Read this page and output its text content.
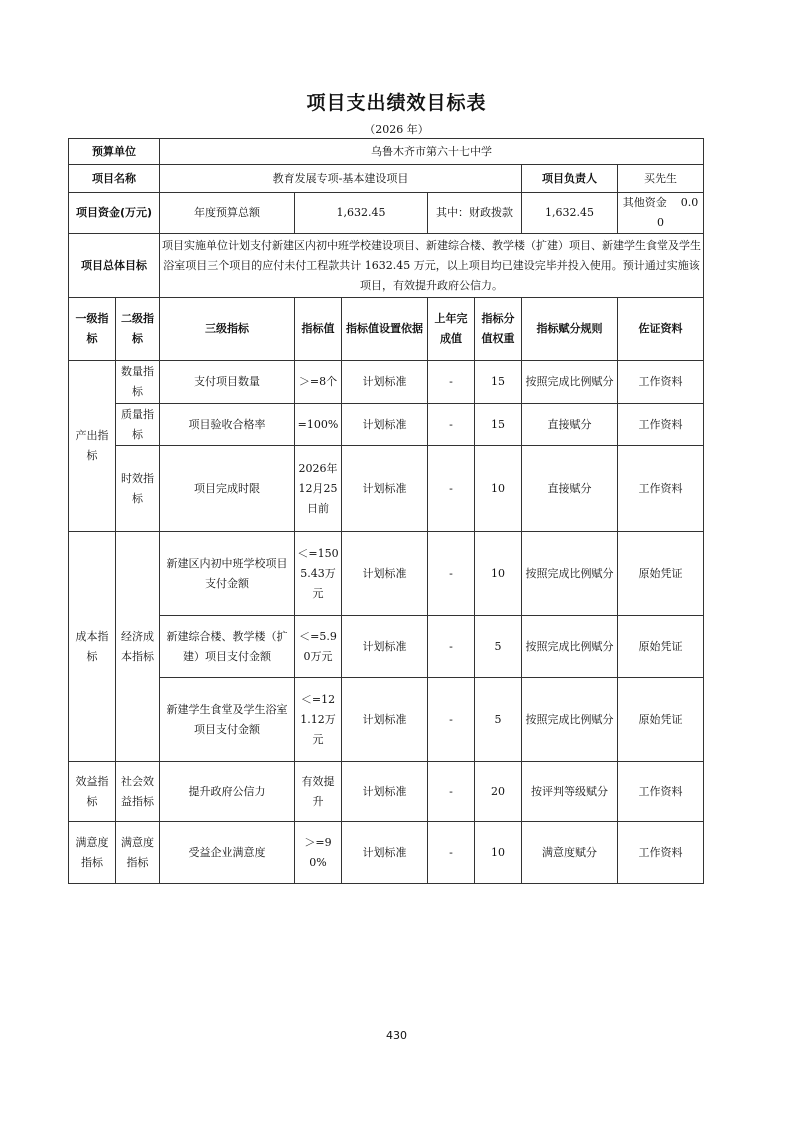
项目支出绩效目标表
（2026 年）
预算单位		乌鲁木齐市第六十七中学						
项目名称		教育发展专项-基本建设项目					项目负责人	买先生
项目资金(万元)		年度预算总额	1,632.45		其中：财政拨款		1,632.45	其他资金 0.00
项目总体目标		项目实施单位计划支付新建区内初中班学校建设项目、新建综合楼、教学楼（扩建）项目、新建学生食堂及学生浴室项目三个项目的应付未付工程款共计 1632.45 万元，以上项目均已建设完毕并投入使用。预计通过实施该项目，有效提升政府公信力。						
一级指标	二级指标	三级指标	指标值	指标值设置依据	上年完成值	指标分值权重	指标赋分规则	佐证资料
产出指标	数量指标	支付项目数量	＞=8个	计划标准	-	15	按照完成比例赋分	工作资料
	质量指标	项目验收合格率	=100%	计划标准	-	15	直接赋分	工作资料
	时效指标	项目完成时限	2026年12月25日前	计划标准	-	10	直接赋分	工作资料
成本指标	经济成本指标	新建区内初中班学校项目支付金额	＜=1505.43万元	计划标准	-	10	按照完成比例赋分	原始凭证
		新建综合楼、教学楼（扩建）项目支付金额	＜=5.90万元	计划标准	-	5	按照完成比例赋分	原始凭证
		新建学生食堂及学生浴室项目支付金额	＜=121.12万元	计划标准	-	5	按照完成比例赋分	原始凭证
效益指标	社会效益指标	提升政府公信力	有效提升	计划标准	-	20	按评判等级赋分	工作资料
满意度指标	满意度指标	受益企业满意度	＞=90%	计划标准	-	10	满意度赋分	工作资料
430
